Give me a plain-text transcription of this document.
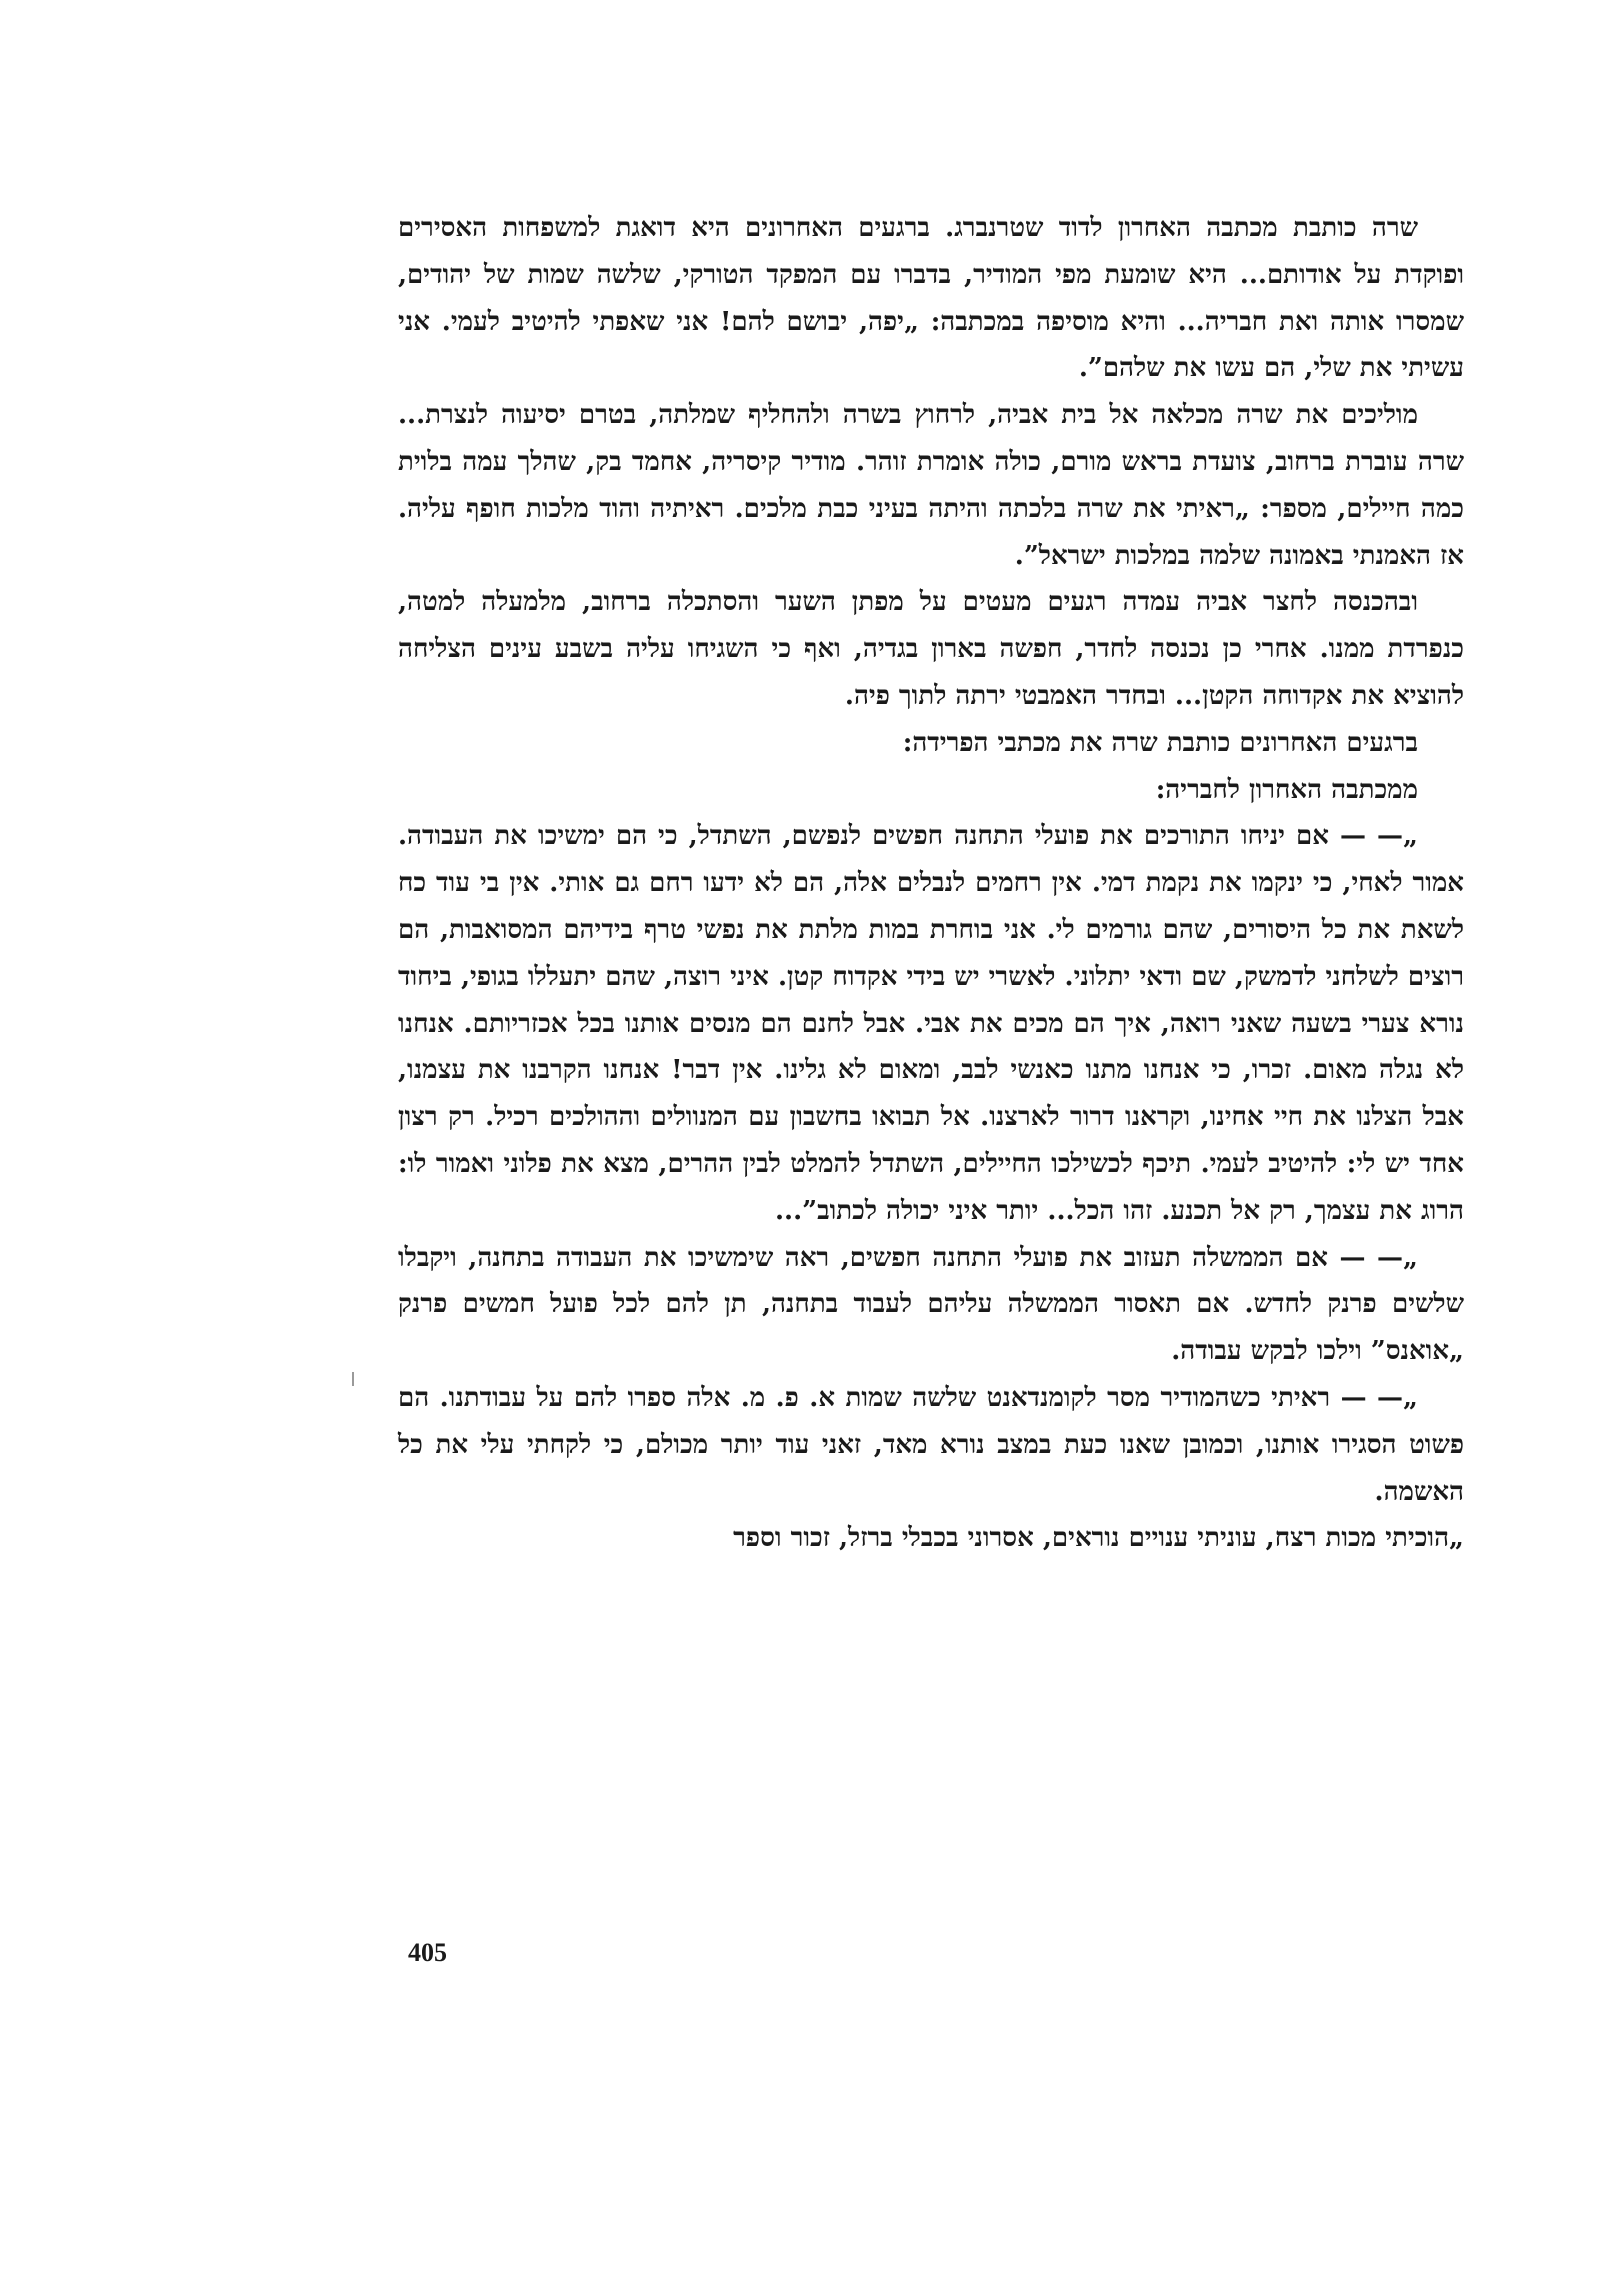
שרה כותבת מכתבה האחרון לדוד שטרנברג. ברגעים האחרונים היא דואגת למשפחות האסירים ופוקדת על אודותם... היא שומעת מפי המודיר, בדברו עם המפקד הטורקי, שלשה שמות של יהודים, שמסרו אותה ואת חבריה... והיא מוסיפה במכתבה: „יפה, יבושם להם! אני שאפתי להיטיב לעמי. אני עשיתי את שלי, הם עשו את שלהם”.

מוליכים את שרה מכלאה אל בית אביה, לרחוץ בשרה ולהחליף שמלתה, בטרם יסיעוה לנצרת... שרה עוברת ברחוב, צועדת בראש מורם, כולה אומרת זוהר. מודיר קיסריה, אחמד בק, שהלך עמה בלוית כמה חיילים, מספר: „ראיתי את שרה בלכתה והיתה בעיני כבת מלכים. ראיתיה והוד מלכות חופף עליה. אז האמנתי באמונה שלמה במלכות ישראל”.

ובהכנסה לחצר אביה עמדה רגעים מעטים על מפתן השער והסתכלה ברחוב, מלמעלה למטה, כנפרדת ממנו. אחרי כן נכנסה לחדר, חפשה בארון בגדיה, ואף כי השגיחו עליה בשבע עינים הצליחה להוציא את אקדוחה הקטן... ובחדר האמבטי ירתה לתוך פיה.

ברגעים האחרונים כותבת שרה את מכתבי הפרידה:

ממכתבה האחרון לחבריה:

„— — אם יניחו התורכים את פועלי התחנה חפשים לנפשם, השתדל, כי הם ימשיכו את העבודה. אמור לאחי, כי ינקמו את נקמת דמי. אין רחמים לנבלים אלה, הם לא ידעו רחם גם אותי. אין בי עוד כח לשאת את כל היסורים, שהם גורמים לי. אני בוחרת במות מלתת את נפשי טרף בידיהם המסואבות, הם רוצים לשלחני לדמשק, שם ודאי יתלוני. לאשרי יש בידי אקדוח קטן. איני רוצה, שהם יתעללו בגופי, ביחוד נורא צערי בשעה שאני רואה, איך הם מכים את אבי. אבל לחנם הם מנסים אותנו בכל אכזריותם. אנחנו לא נגלה מאום. זכרו, כי אנחנו מתנו כאנשי לבב, ומאום לא גלינו. אין דבר! אנחנו הקרבנו את עצמנו, אבל הצלנו את חיי אחינו, וקראנו דרור לארצנו. אל תבואו בחשבון עם המנוולים וההולכים רכיל. רק רצון אחד יש לי: להיטיב לעמי. תיכף לכשילכו החיילים, השתדל להמלט לבין ההרים, מצא את פלוני ואמור לו: הרוג את עצמך, רק אל תכנע. זהו הכל... יותר איני יכולה לכתוב”...

„— — אם הממשלה תעזוב את פועלי התחנה חפשים, ראה שימשיכו את העבודה בתחנה, ויקבלו שלשים פרנק לחדש. אם תאסור הממשלה עליהם לעבוד בתחנה, תן להם לכל פועל חמשים פרנק „אואנס” וילכו לבקש עבודה.

„— — ראיתי כשהמודיר מסר לקומנדאנט שלשה שמות א. פ. מ. אלה ספרו להם על עבודתנו. הם פשוט הסגירו אותנו, וכמובן שאנו כעת במצב נורא מאד, זאני עוד יותר מכולם, כי לקחתי עלי את כל האשמה.

„הוכיתי מכות רצח, עוניתי ענויים נוראים, אסרוני בכבלי ברזל, זכור וספר

405
